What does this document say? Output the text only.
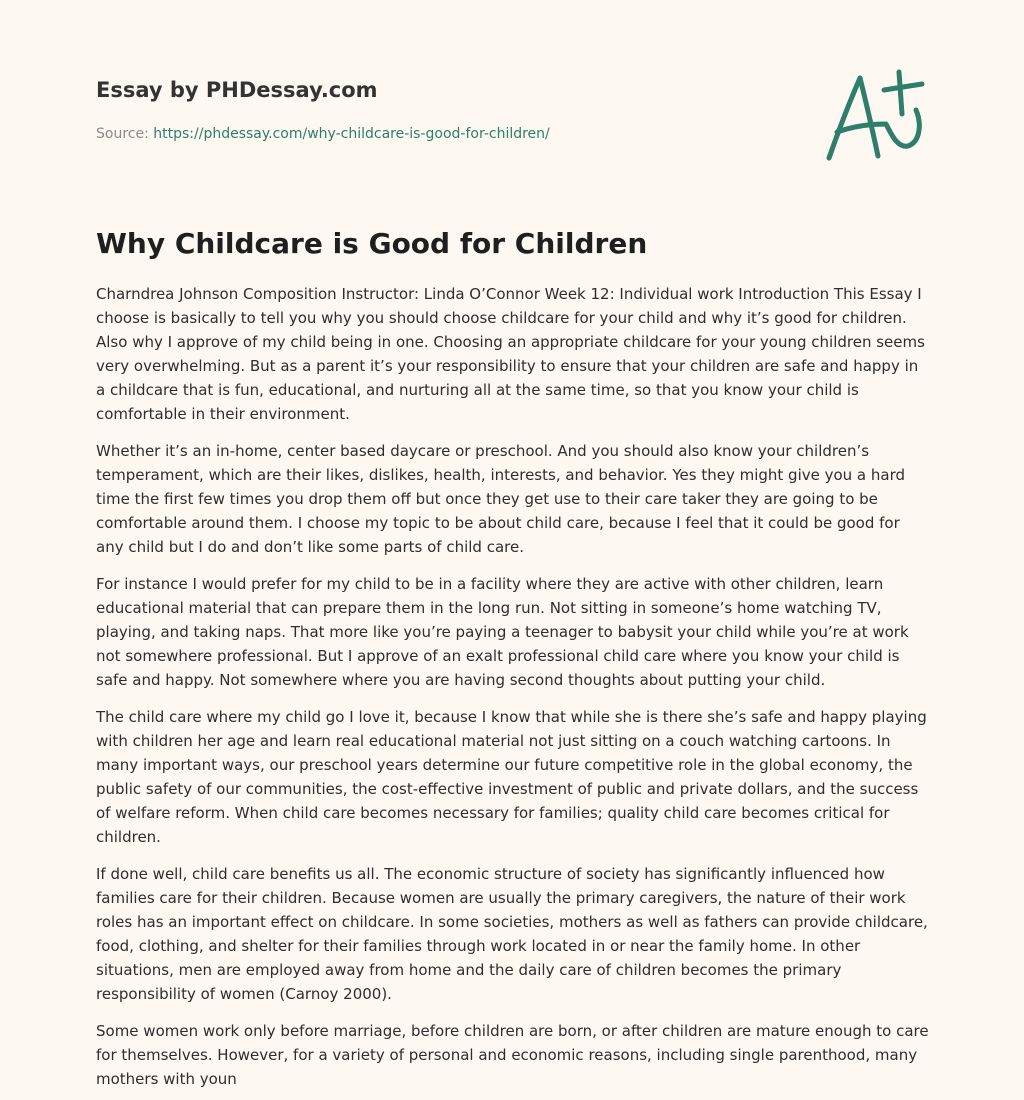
Essay by PHDessay.com
Source: https://phdessay.com/why-childcare-is-good-for-children/
Why Childcare is Good for Children

Charndrea Johnson Composition Instructor: Linda O’Connor Week 12: Individual work Introduction This Essay I choose is basically to tell you why you should choose childcare for your child and why it’s good for children. Also why I approve of my child being in one. Choosing an appropriate childcare for your young children seems very overwhelming. But as a parent it’s your responsibility to ensure that your children are safe and happy in a childcare that is fun, educational, and nurturing all at the same time, so that you know your child is comfortable in their environment.

Whether it’s an in-home, center based daycare or preschool. And you should also know your children’s temperament, which are their likes, dislikes, health, interests, and behavior. Yes they might give you a hard time the first few times you drop them off but once they get use to their care taker they are going to be comfortable around them. I choose my topic to be about child care, because I feel that it could be good for any child but I do and don’t like some parts of child care.

For instance I would prefer for my child to be in a facility where they are active with other children, learn educational material that can prepare them in the long run. Not sitting in someone’s home watching TV, playing, and taking naps. That more like you’re paying a teenager to babysit your child while you’re at work not somewhere professional. But I approve of an exalt professional child care where you know your child is safe and happy. Not somewhere where you are having second thoughts about putting your child.

The child care where my child go I love it, because I know that while she is there she’s safe and happy playing with children her age and learn real educational material not just sitting on a couch watching cartoons. In many important ways, our preschool years determine our future competitive role in the global economy, the public safety of our communities, the cost-effective investment of public and private dollars, and the success of welfare reform. When child care becomes necessary for families; quality child care becomes critical for children.

If done well, child care benefits us all. The economic structure of society has significantly influenced how families care for their children. Because women are usually the primary caregivers, the nature of their work roles has an important effect on childcare. In some societies, mothers as well as fathers can provide childcare, food, clothing, and shelter for their families through work located in or near the family home. In other situations, men are employed away from home and the daily care of children becomes the primary responsibility of women (Carnoy 2000).

Some women work only before marriage, before children are born, or after children are mature enough to care for themselves. However, for a variety of personal and economic reasons, including single parenthood, many mothers with youn
